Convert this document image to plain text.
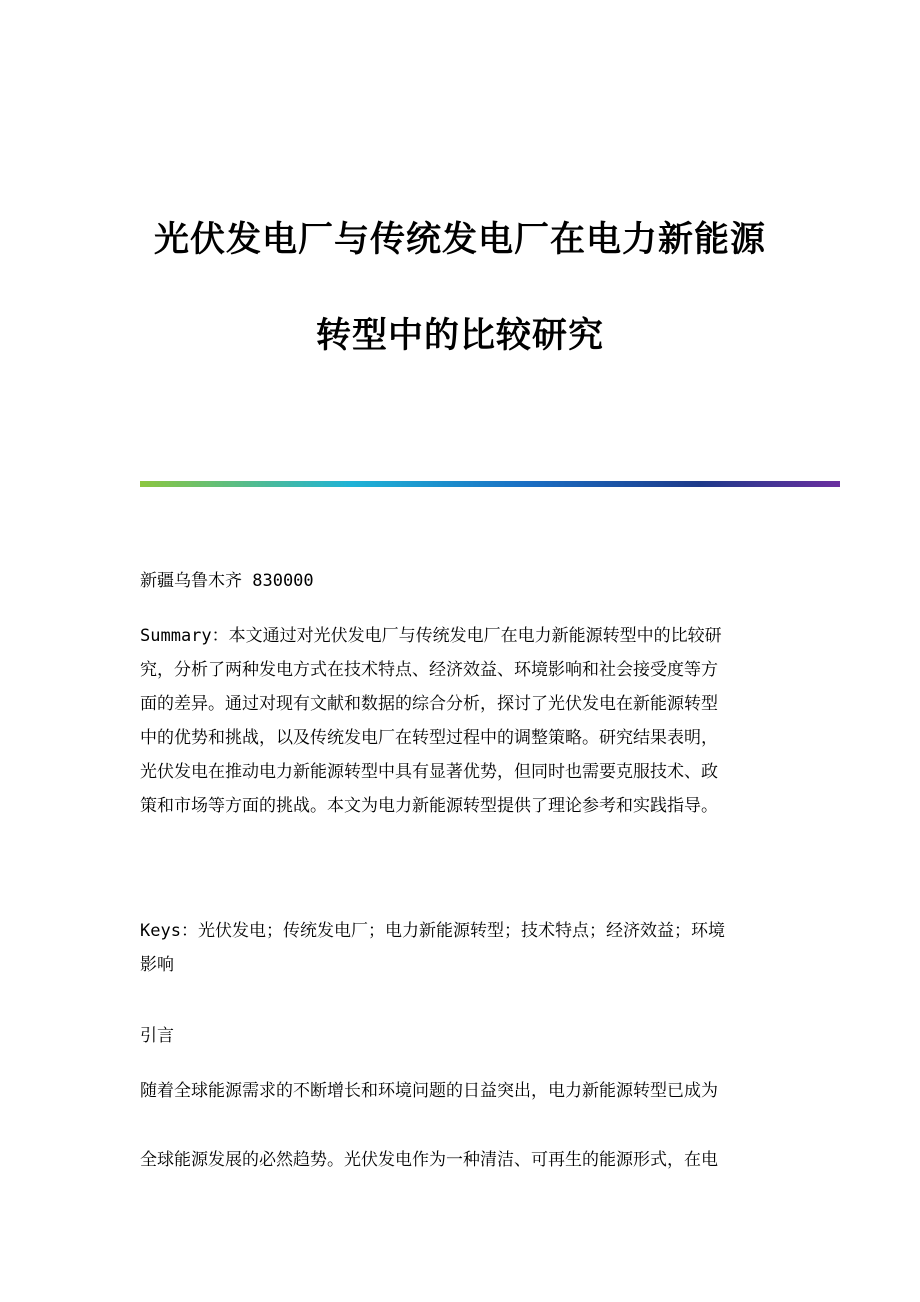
光伏发电厂与传统发电厂在电力新能源
转型中的比较研究
新疆乌鲁木齐 830000
Summary：本文通过对光伏发电厂与传统发电厂在电力新能源转型中的比较研
究，分析了两种发电方式在技术特点、经济效益、环境影响和社会接受度等方
面的差异。通过对现有文献和数据的综合分析，探讨了光伏发电在新能源转型
中的优势和挑战，以及传统发电厂在转型过程中的调整策略。研究结果表明，
光伏发电在推动电力新能源转型中具有显著优势，但同时也需要克服技术、政
策和市场等方面的挑战。本文为电力新能源转型提供了理论参考和实践指导。
Keys：光伏发电；传统发电厂；电力新能源转型；技术特点；经济效益；环境
影响
引言
随着全球能源需求的不断增长和环境问题的日益突出，电力新能源转型已成为
全球能源发展的必然趋势。光伏发电作为一种清洁、可再生的能源形式，在电
